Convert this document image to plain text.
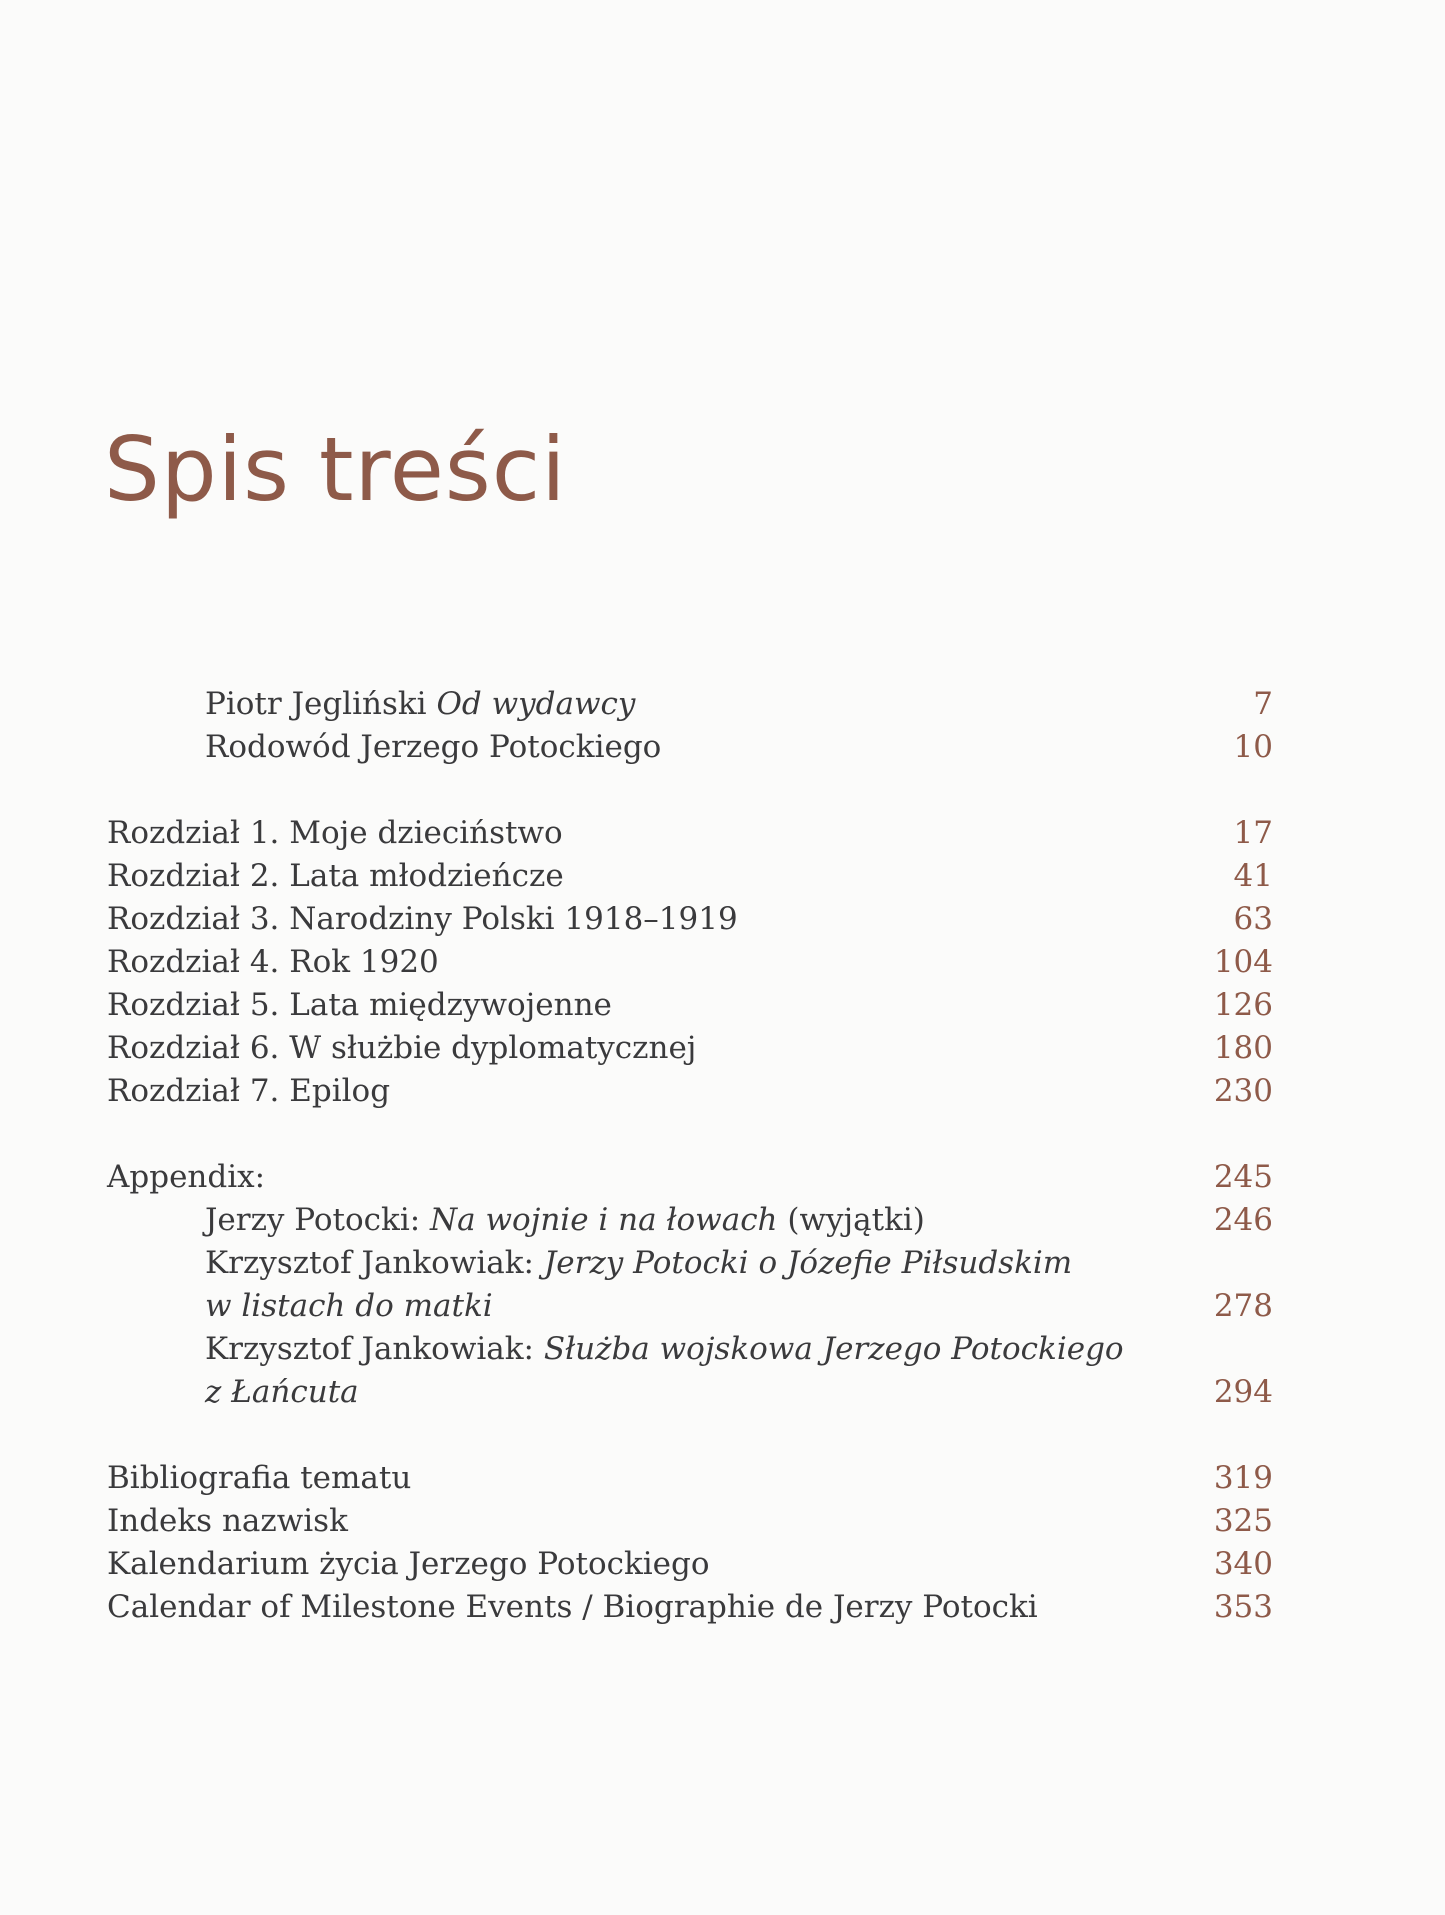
Spis treści
Piotr Jegliński Od wydawcy	7
Rodowód Jerzego Potockiego	10
Rozdział 1. Moje dzieciństwo	17
Rozdział 2. Lata młodzieńcze	41
Rozdział 3. Narodziny Polski 1918–1919	63
Rozdział 4. Rok 1920	104
Rozdział 5. Lata międzywojenne	126
Rozdział 6. W służbie dyplomatycznej	180
Rozdział 7. Epilog	230
Appendix:	245
Jerzy Potocki: Na wojnie i na łowach (wyjątki)	246
Krzysztof Jankowiak: Jerzy Potocki o Józefie Piłsudskim
w listach do matki	278
Krzysztof Jankowiak: Służba wojskowa Jerzego Potockiego
z Łańcuta	294
Bibliografia tematu	319
Indeks nazwisk	325
Kalendarium życia Jerzego Potockiego	340
Calendar of Milestone Events / Biographie de Jerzy Potocki	353
